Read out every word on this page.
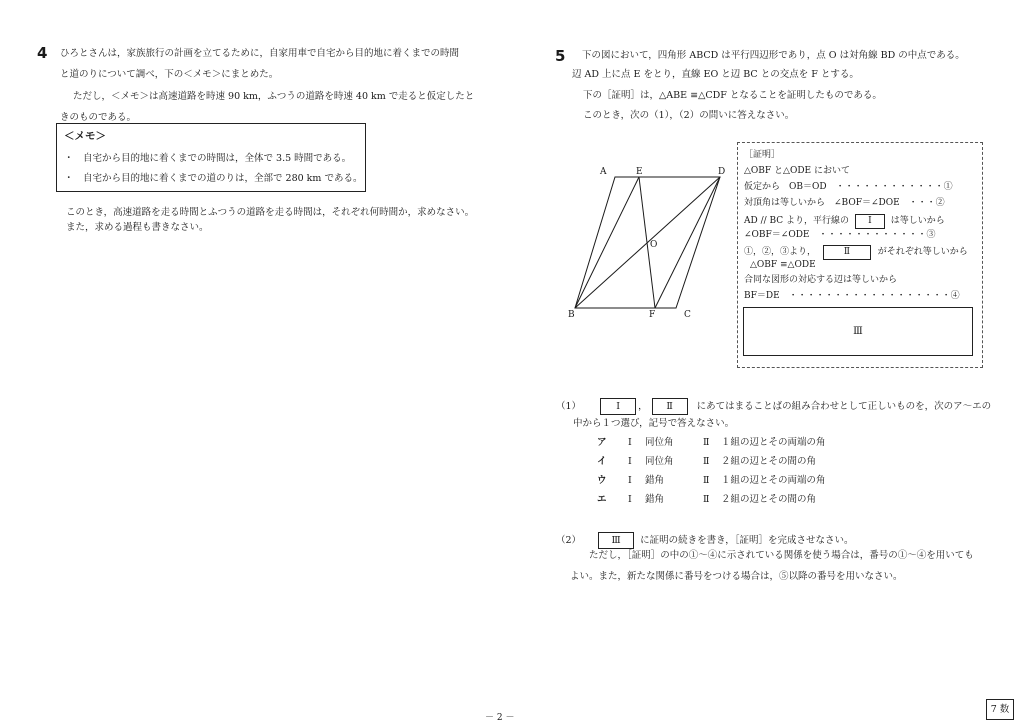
4 ひろとさんは，家族旅行の計画を立てるために，自家用車で自宅から目的地に着くまでの時間
と道のりについて調べ，下の＜メモ＞にまとめた。
ただし，＜メモ＞は高速道路を時速 90 km，ふつうの道路を時速 40 km で走ると仮定したと
きのものである。
＜メモ＞
・　自宅から目的地に着くまでの時間は，全体で 3.5 時間である。
・　自宅から目的地に着くまでの道のりは，全部で 280 km である。
このとき，高速道路を走る時間とふつうの道路を走る時間は，それぞれ何時間か，求めなさい。
また，求める過程も書きなさい。
5 下の図において，四角形 ABCD は平行四辺形であり，点 O は対角線 BD の中点である。
辺 AD 上に点 E をとり，直線 EO と辺 BC との交点を F とする。
下の［証明］は，△ABE ≡△CDF となることを証明したものである。
このとき，次の（1），（2）の問いに答えなさい。
A	E	D
O
B	F	C
［証明］
△OBF と△ODE において
仮定から　OB＝OD　・・・・・・・・・・・・①
対頂角は等しいから　∠BOF＝∠DOE　・・・②
AD // BC より，平行線の Ⅰ は等しいから
∠OBF＝∠ODE　・・・・・・・・・・・・③
①，②，③より，	Ⅱ	がそれぞれ等しいから
△OBF ≡△ODE
合同な図形の対応する辺は等しいから
BF＝DE　・・・・・・・・・・・・・・・・・・④
Ⅲ
（1）	Ⅰ ， Ⅱ	にあてはまることばの組み合わせとして正しいものを，次のア～エの
中から１つ選び，記号で答えなさい。
ア Ⅰ 同位角	Ⅱ １組の辺とその両端の角
イ Ⅰ 同位角	Ⅱ ２組の辺とその間の角
ウ Ⅰ 錯角	Ⅱ １組の辺とその両端の角
エ Ⅰ 錯角	Ⅱ ２組の辺とその間の角
（2）	Ⅲ に証明の続きを書き，［証明］を完成させなさい。
ただし，［証明］の中の①～④に示されている関係を使う場合は，番号の①～④を用いても
よい。また，新たな関係に番号をつける場合は，⑤以降の番号を用いなさい。
－ 2 －
7 数
